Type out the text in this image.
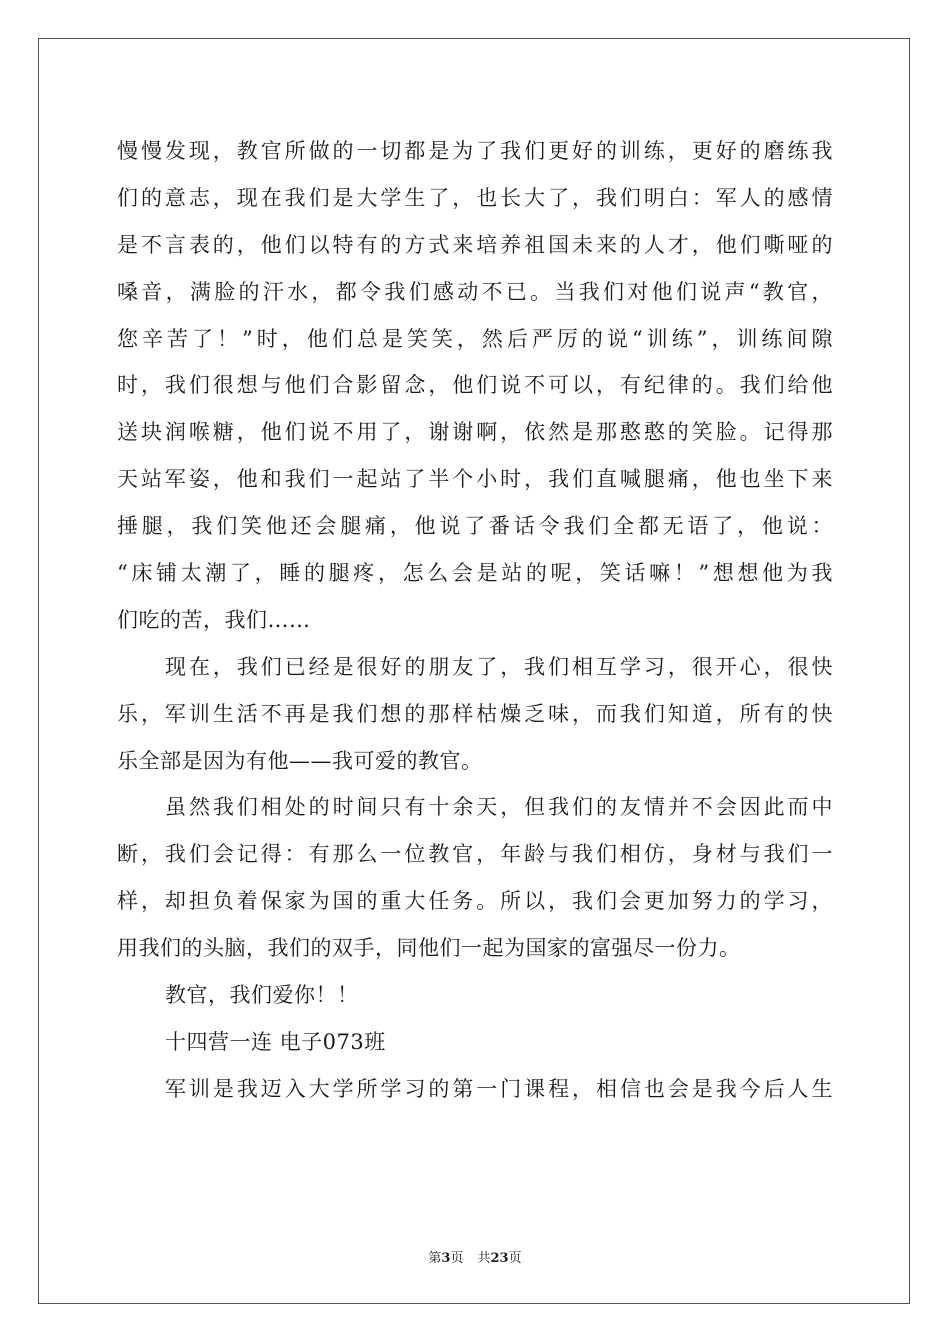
慢慢发现，教官所做的一切都是为了我们更好的训练，更好的磨练我
们的意志，现在我们是大学生了，也长大了，我们明白：军人的感情
是不言表的，他们以特有的方式来培养祖国未来的人才，他们嘶哑的
嗓音，满脸的汗水，都令我们感动不已。当我们对他们说声“教官，
您辛苦了！”时，他们总是笑笑，然后严厉的说“训练”，训练间隙
时，我们很想与他们合影留念，他们说不可以，有纪律的。我们给他
送块润喉糖，他们说不用了，谢谢啊，依然是那憨憨的笑脸。记得那
天站军姿，他和我们一起站了半个小时，我们直喊腿痛，他也坐下来
捶腿，我们笑他还会腿痛，他说了番话令我们全都无语了，他说：
“床铺太潮了，睡的腿疼，怎么会是站的呢，笑话嘛！”想想他为我
们吃的苦，我们……
现在，我们已经是很好的朋友了，我们相互学习，很开心，很快
乐，军训生活不再是我们想的那样枯燥乏味，而我们知道，所有的快
乐全部是因为有他——我可爱的教官。
虽然我们相处的时间只有十余天，但我们的友情并不会因此而中
断，我们会记得：有那么一位教官，年龄与我们相仿，身材与我们一
样，却担负着保家为国的重大任务。所以，我们会更加努力的学习，
用我们的头脑，我们的双手，同他们一起为国家的富强尽一份力。
教官，我们爱你！！
十四营一连 电子073班
军训是我迈入大学所学习的第一门课程，相信也会是我今后人生
第3页 共23页
